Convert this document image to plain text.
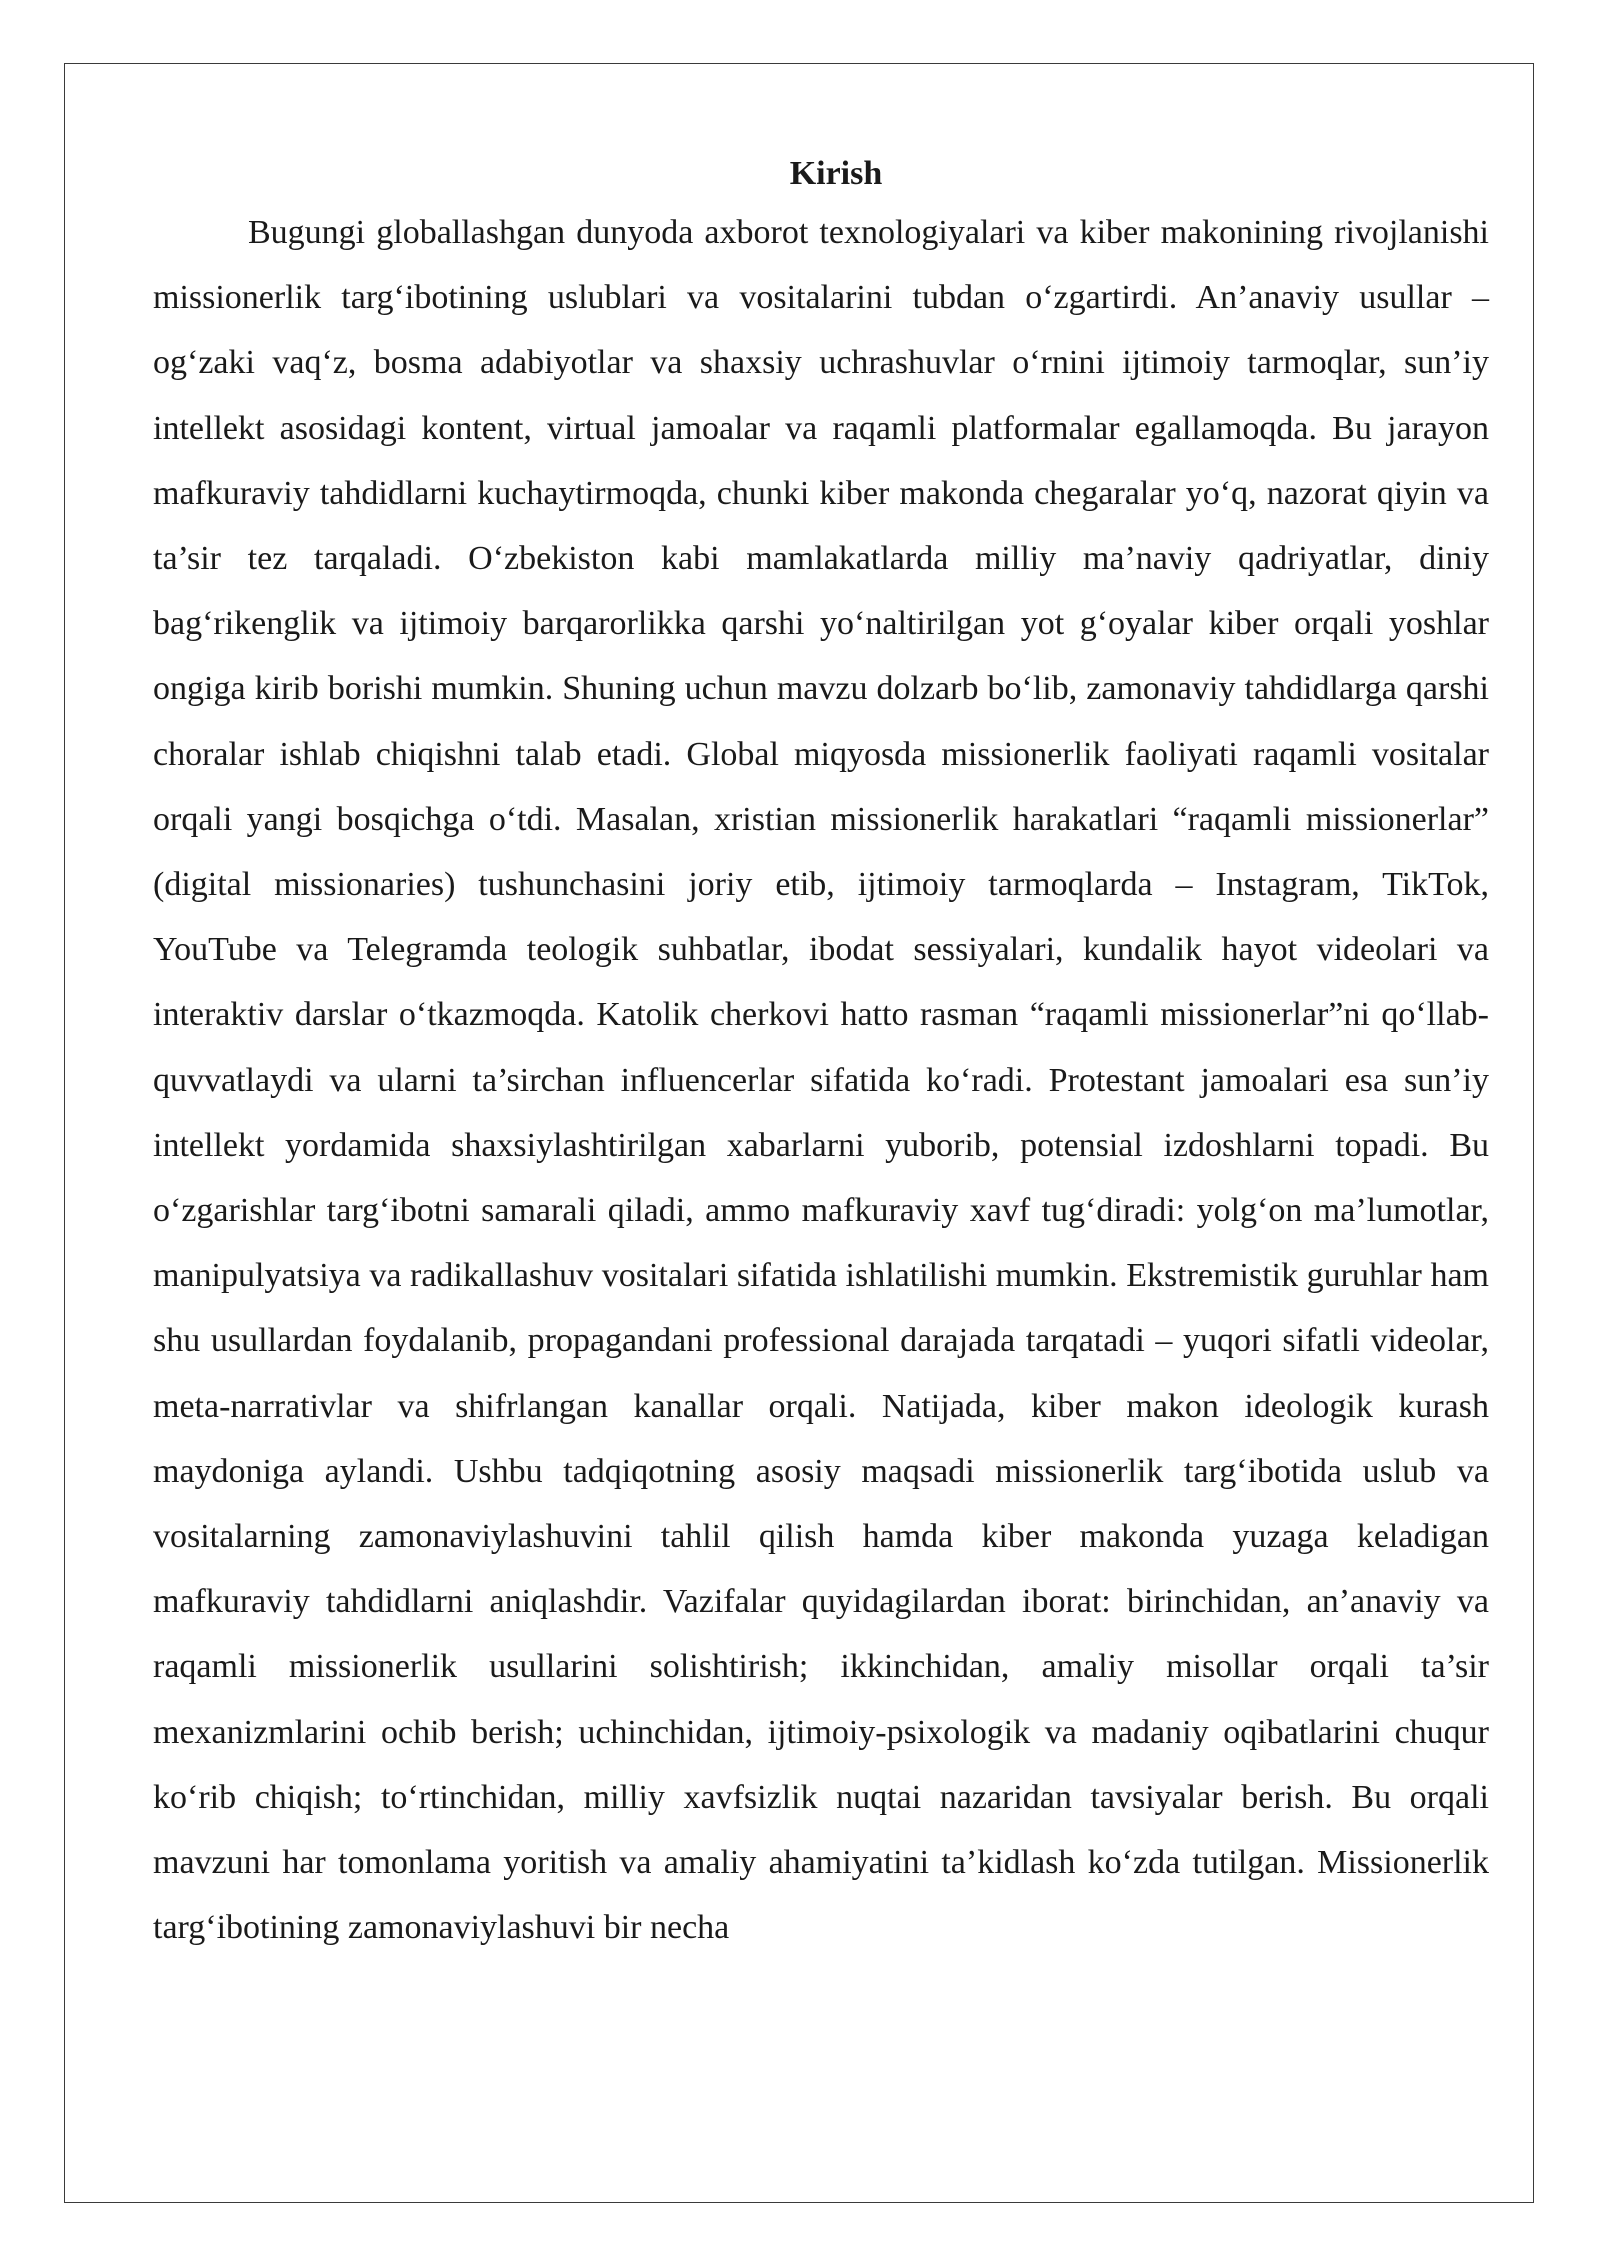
Kirish

Bugungi globallashgan dunyoda axborot texnologiyalari va kiber makonining rivojlanishi missionerlik targ‘ibotining uslublari va vositalarini tubdan o‘zgartirdi. An’anaviy usullar – og‘zaki vaq‘z, bosma adabiyotlar va shaxsiy uchrashuvlar o‘rnini ijtimoiy tarmoqlar, sun’iy intellekt asosidagi kontent, virtual jamoalar va raqamli platformalar egallamoqda. Bu jarayon mafkuraviy tahdidlarni kuchaytirmoqda, chunki kiber makonda chegaralar yo‘q, nazorat qiyin va ta’sir tez tarqaladi. O‘zbekiston kabi mamlakatlarda milliy ma’naviy qadriyatlar, diniy bag‘rikenglik va ijtimoiy barqarorlikka qarshi yo‘naltirilgan yot g‘oyalar kiber orqali yoshlar ongiga kirib borishi mumkin. Shuning uchun mavzu dolzarb bo‘lib, zamonaviy tahdidlarga qarshi choralar ishlab chiqishni talab etadi. Global miqyosda missionerlik faoliyati raqamli vositalar orqali yangi bosqichga o‘tdi. Masalan, xristian missionerlik harakatlari “raqamli missionerlar” (digital missionaries) tushunchasini joriy etib, ijtimoiy tarmoqlarda – Instagram, TikTok, YouTube va Telegramda teologik suhbatlar, ibodat sessiyalari, kundalik hayot videolari va interaktiv darslar o‘tkazmoqda. Katolik cherkovi hatto rasman “raqamli missionerlar”ni qo‘llab-quvvatlaydi va ularni ta’sirchan influencerlar sifatida ko‘radi. Protestant jamoalari esa sun’iy intellekt yordamida shaxsiylashtirilgan xabarlarni yuborib, potensial izdoshlarni topadi. Bu o‘zgarishlar targ‘ibotni samarali qiladi, ammo mafkuraviy xavf tug‘diradi: yolg‘on ma’lumotlar, manipulyatsiya va radikallashuv vositalari sifatida ishlatilishi mumkin. Ekstremistik guruhlar ham shu usullardan foydalanib, propagandani professional darajada tarqatadi – yuqori sifatli videolar, meta-narrativlar va shifrlangan kanallar orqali. Natijada, kiber makon ideologik kurash maydoniga aylandi. Ushbu tadqiqotning asosiy maqsadi missionerlik targ‘ibotida uslub va vositalarning zamonaviylashuvini tahlil qilish hamda kiber makonda yuzaga keladigan mafkuraviy tahdidlarni aniqlashdir. Vazifalar quyidagilardan iborat: birinchidan, an’anaviy va raqamli missionerlik usullarini solishtirish; ikkinchidan, amaliy misollar orqali ta’sir mexanizmlarini ochib berish; uchinchidan, ijtimoiy-psixologik va madaniy oqibatlarini chuqur ko‘rib chiqish; to‘rtinchidan, milliy xavfsizlik nuqtai nazaridan tavsiyalar berish. Bu orqali mavzuni har tomonlama yoritish va amaliy ahamiyatini ta’kidlash ko‘zda tutilgan. Missionerlik targ‘ibotining zamonaviylashuvi bir necha
